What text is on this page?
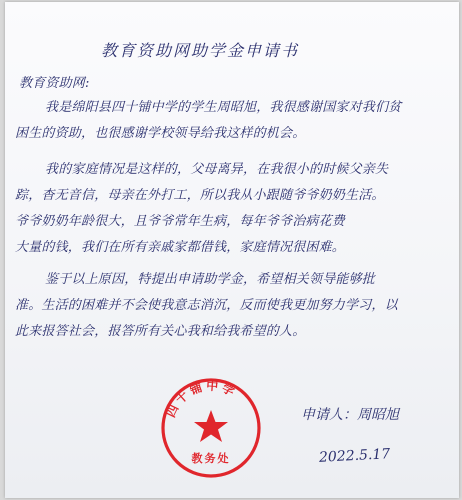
教育资助网助学金申请书
教育资助网:
我是绵阳县四十铺中学的学生周昭旭，我很感谢国家对我们贫
困生的资助，也很感谢学校领导给我这样的机会。
我的家庭情况是这样的，父母离异，在我很小的时候父亲失
踪，杳无音信，母亲在外打工，所以我从小跟随爷爷奶奶生活。
爷爷奶奶年龄很大，且爷爷常年生病，每年爷爷治病花费
大量的钱，我们在所有亲戚家都借钱，家庭情况很困难。
鉴于以上原因，特提出申请助学金，希望相关领导能够批
准。生活的困难并不会使我意志消沉，反而使我更加努力学习，以
此来报答社会，报答所有关心我和给我希望的人。
四十铺中学
教务处
申请人：周昭旭
2022.5.17
